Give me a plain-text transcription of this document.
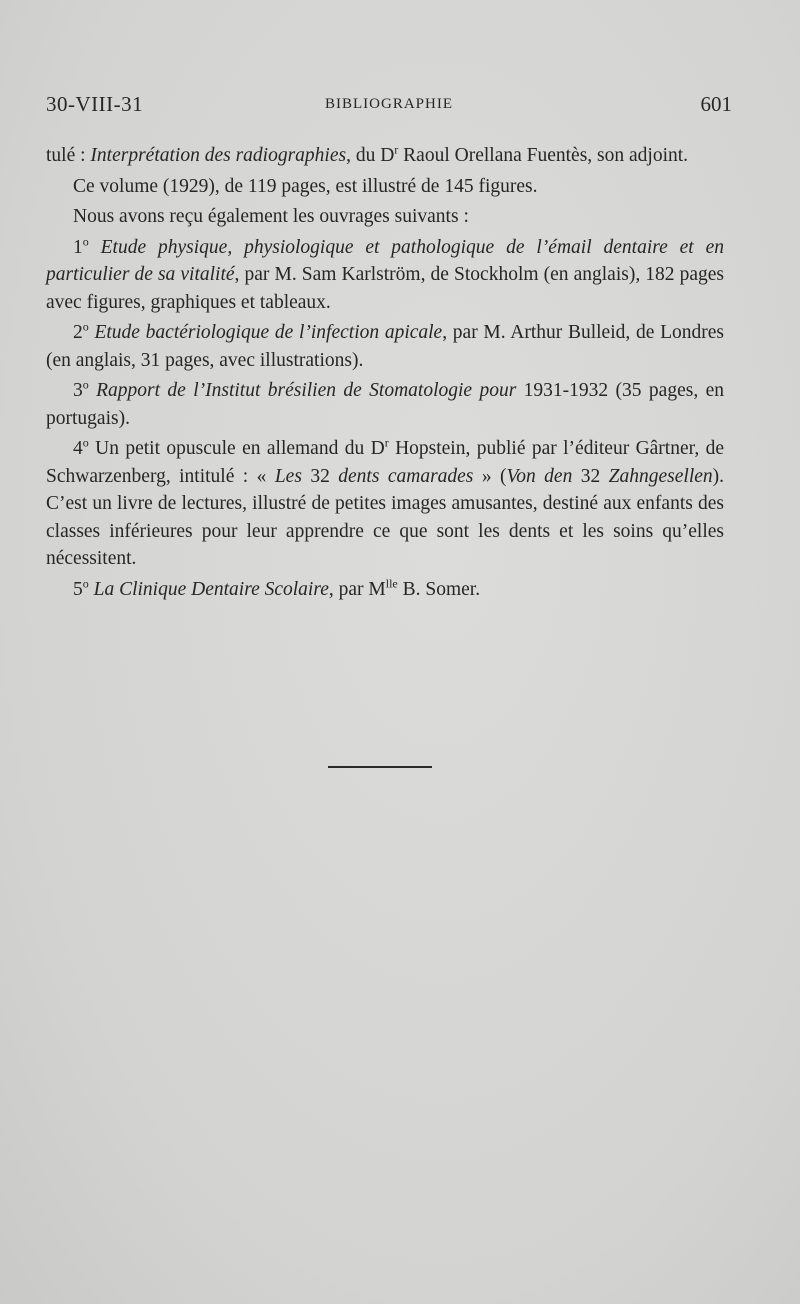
30-VIII-31	BIBLIOGRAPHIE	601

tulé : Interprétation des radiographies, du $D^r$ Raoul Orellana Fuentès, son adjoint.

Ce volume (1929), de 119 pages, est illustré de 145 figures.

Nous avons reçu également les ouvrages suivants :

1$^o$ Etude physique, physiologique et pathologique de l’émail dentaire et en particulier de sa vitalité, par M. Sam Karlström, de Stockholm (en anglais), 182 pages avec figures, graphiques et tableaux.

2$^o$ Etude bactériologique de l’infection apicale, par M. Arthur Bulleid, de Londres (en anglais, 31 pages, avec illustrations).

3$^o$ Rapport de l’Institut brésilien de Stomatologie pour 1931-1932 (35 pages, en portugais).

4$^o$ Un petit opuscule en allemand du $D^r$ Hopstein, publié par l’éditeur Gârtner, de Schwarzenberg, intitulé : « Les 32 dents camarades » (Von den 32 Zahngesellen). C’est un livre de lectures, illustré de petites images amusantes, destiné aux enfants des classes inférieures pour leur apprendre ce que sont les dents et les soins qu’elles nécessitent.

5$^o$ La Clinique Dentaire Scolaire, par $M^{lle}$ B. Somer.
